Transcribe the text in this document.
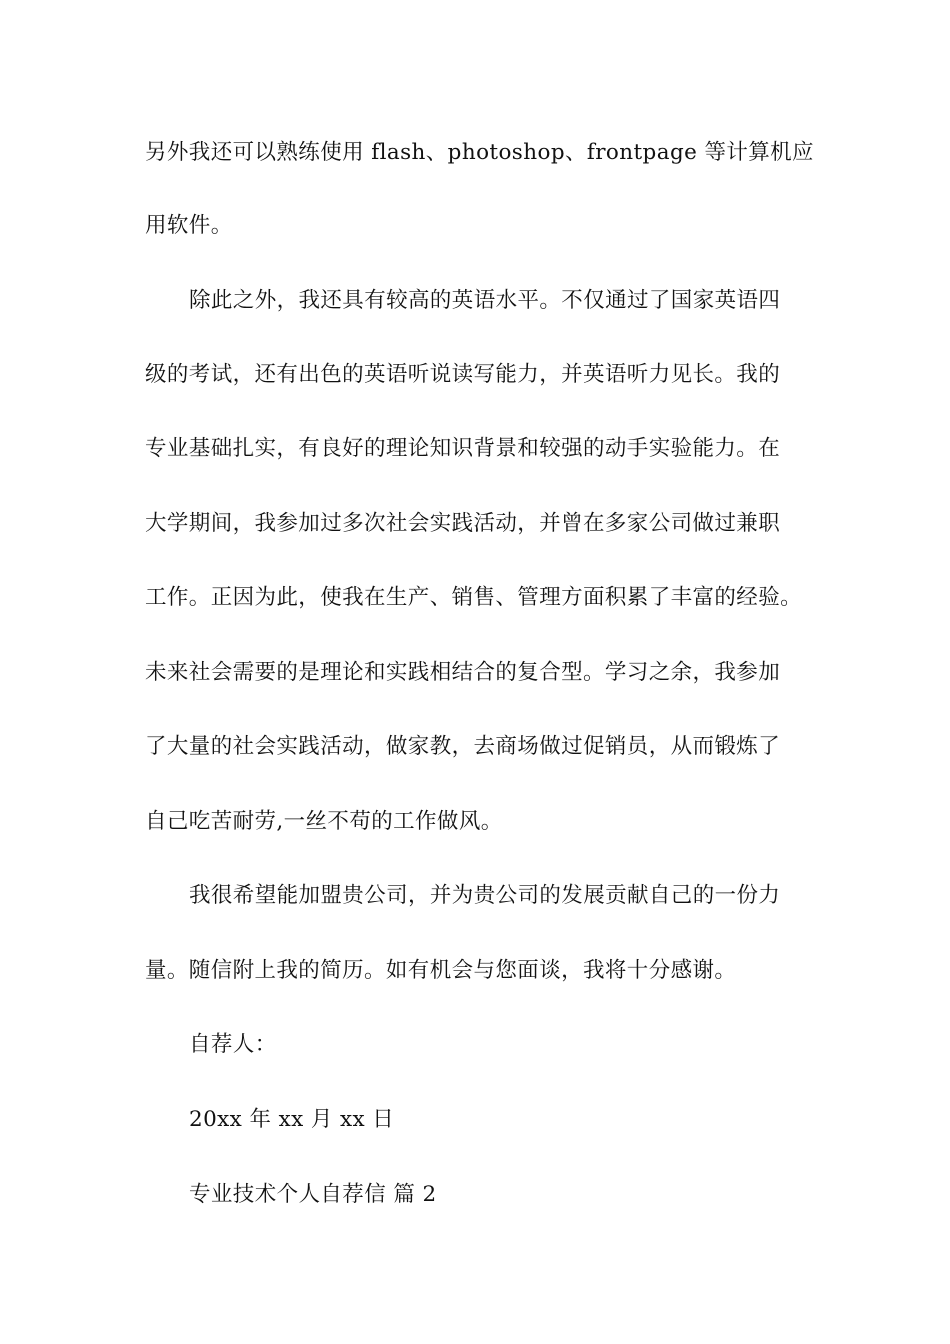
另外我还可以熟练使用 flash、photoshop、frontpage 等计算机应
用软件。
除此之外，我还具有较高的英语水平。不仅通过了国家英语四
级的考试，还有出色的英语听说读写能力，并英语听力见长。我的
专业基础扎实，有良好的理论知识背景和较强的动手实验能力。在
大学期间，我参加过多次社会实践活动，并曾在多家公司做过兼职
工作。正因为此，使我在生产、销售、管理方面积累了丰富的经验。
未来社会需要的是理论和实践相结合的复合型。学习之余，我参加
了大量的社会实践活动，做家教，去商场做过促销员，从而锻炼了
自己吃苦耐劳,一丝不苟的工作做风。
我很希望能加盟贵公司，并为贵公司的发展贡献自己的一份力
量。随信附上我的简历。如有机会与您面谈，我将十分感谢。
自荐人：
20xx 年 xx 月 xx 日
专业技术个人自荐信 篇 2
